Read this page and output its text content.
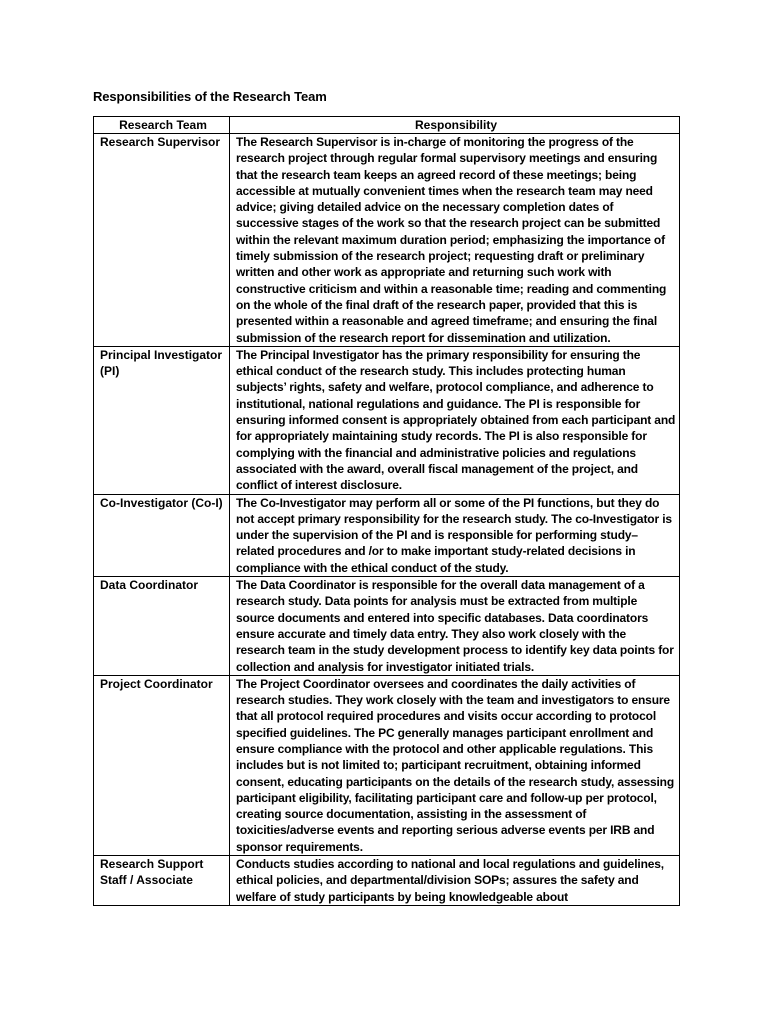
Responsibilities of the Research Team
Research Team	Responsibility
Research Supervisor	The Research Supervisor is in-charge of monitoring the progress of the research project through regular formal supervisory meetings and ensuring that the research team keeps an agreed record of these meetings; being accessible at mutually convenient times when the research team may need advice; giving detailed advice on the necessary completion dates of successive stages of the work so that the research project can be submitted within the relevant maximum duration period; emphasizing the importance of timely submission of the research project; requesting draft or preliminary written and other work as appropriate and returning such work with constructive criticism and within a reasonable time; reading and commenting on the whole of the final draft of the research paper, provided that this is presented within a reasonable and agreed timeframe; and ensuring the final submission of the research report for dissemination and utilization.
Principal Investigator (PI)	The Principal Investigator has the primary responsibility for ensuring the ethical conduct of the research study. This includes protecting human subjects’ rights, safety and welfare, protocol compliance, and adherence to institutional, national regulations and guidance. The PI is responsible for ensuring informed consent is appropriately obtained from each participant and for appropriately maintaining study records. The PI is also responsible for complying with the financial and administrative policies and regulations associated with the award, overall fiscal management of the project, and conflict of interest disclosure.
Co-Investigator (Co-I)	The Co-Investigator may perform all or some of the PI functions, but they do not accept primary responsibility for the research study. The co-Investigator is under the supervision of the PI and is responsible for performing study–related procedures and /or to make important study-related decisions in compliance with the ethical conduct of the study.
Data Coordinator	The Data Coordinator is responsible for the overall data management of a research study. Data points for analysis must be extracted from multiple source documents and entered into specific databases. Data coordinators ensure accurate and timely data entry. They also work closely with the research team in the study development process to identify key data points for collection and analysis for investigator initiated trials.
Project Coordinator	The Project Coordinator oversees and coordinates the daily activities of research studies. They work closely with the team and investigators to ensure that all protocol required procedures and visits occur according to protocol specified guidelines. The PC generally manages participant enrollment and ensure compliance with the protocol and other applicable regulations. This includes but is not limited to; participant recruitment, obtaining informed consent, educating participants on the details of the research study, assessing participant eligibility, facilitating participant care and follow-up per protocol, creating source documentation, assisting in the assessment of toxicities/adverse events and reporting serious adverse events per IRB and sponsor requirements.
Research Support Staff / Associate	Conducts studies according to national and local regulations and guidelines, ethical policies, and departmental/division SOPs; assures the safety and welfare of study participants by being knowledgeable about
